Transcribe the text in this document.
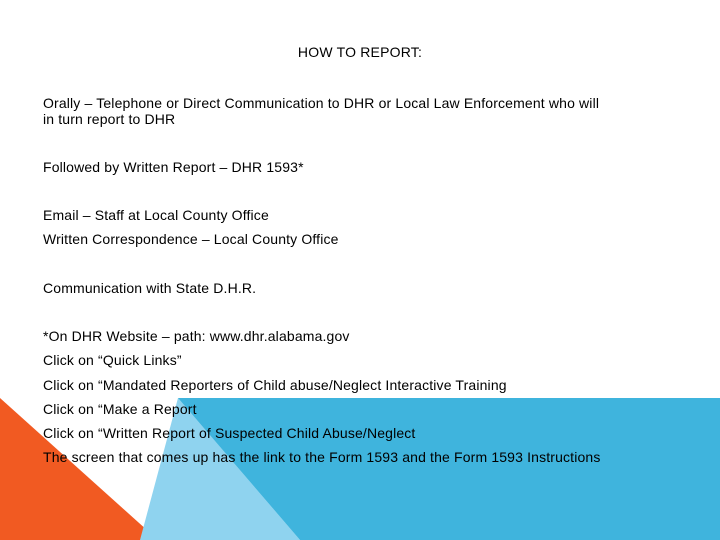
HOW TO REPORT:
Orally – Telephone or Direct Communication to DHR or Local Law Enforcement who will
in turn report to DHR
Followed by Written Report – DHR 1593*
Email – Staff at Local County Office
Written Correspondence – Local County Office
Communication with State D.H.R.
*On DHR Website – path: www.dhr.alabama.gov
Click on “Quick Links”
Click on “Mandated Reporters of Child abuse/Neglect Interactive Training
Click on “Make a Report
Click on “Written Report of Suspected Child Abuse/Neglect
The screen that comes up has the link to the Form 1593 and the Form 1593 Instructions
